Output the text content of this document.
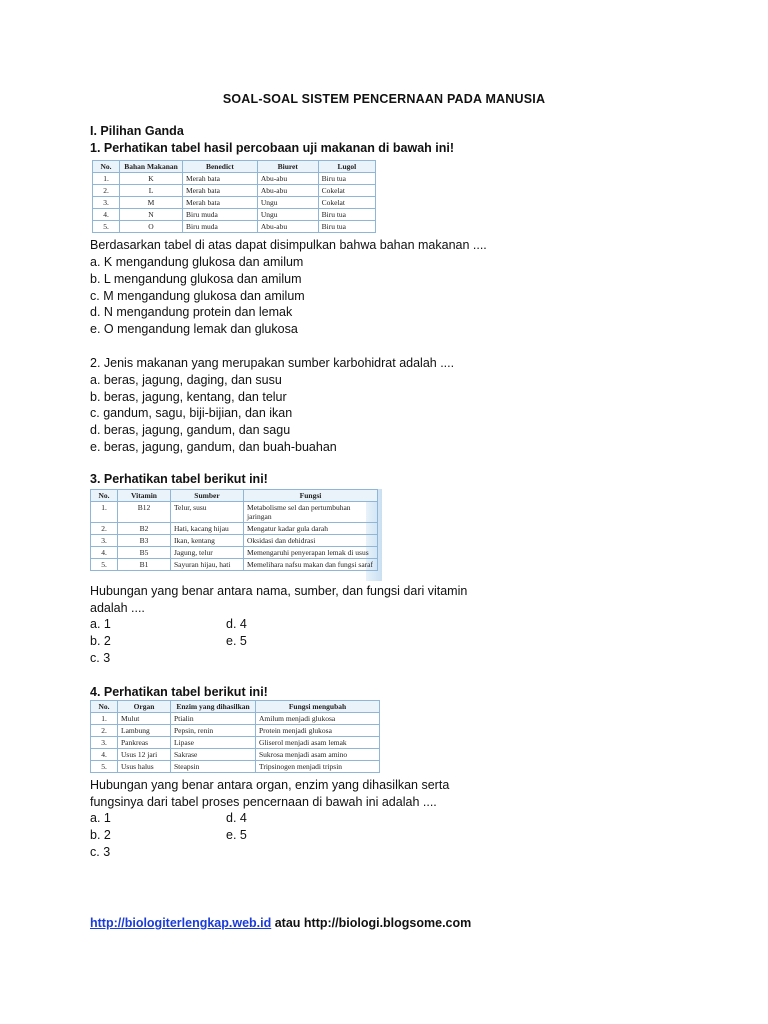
SOAL-SOAL SISTEM PENCERNAAN PADA MANUSIA
I. Pilihan Ganda
1. Perhatikan tabel hasil percobaan uji makanan di bawah ini!
No.	Bahan Makanan	Benedict	Biuret	Lugol
1.	K	Merah bata	Abu-abu	Biru tua
2.	L	Merah bata	Abu-abu	Cokelat
3.	M	Merah bata	Ungu	Cokelat
4.	N	Biru muda	Ungu	Biru tua
5.	O	Biru muda	Abu-abu	Biru tua
Berdasarkan tabel di atas dapat disimpulkan bahwa bahan makanan ....
a. K mengandung glukosa dan amilum
b. L mengandung glukosa dan amilum
c. M mengandung glukosa dan amilum
d. N mengandung protein dan lemak
e. O mengandung lemak dan glukosa
2. Jenis makanan yang merupakan sumber karbohidrat adalah ....
a. beras, jagung, daging, dan susu
b. beras, jagung, kentang, dan telur
c. gandum, sagu, biji-bijian, dan ikan
d. beras, jagung, gandum, dan sagu
e. beras, jagung, gandum, dan buah-buahan
3. Perhatikan tabel berikut ini!
No.	Vitamin	Sumber	Fungsi
1.	B12	Telur, susu	Metabolisme sel dan pertumbuhan jaringan
2.	B2	Hati, kacang hijau	Mengatur kadar gula darah
3.	B3	Ikan, kentang	Oksidasi dan dehidrasi
4.	B5	Jagung, telur	Memengaruhi penyerapan lemak di usus
5.	B1	Sayuran hijau, hati	Memelihara nafsu makan dan fungsi saraf
Hubungan yang benar antara nama, sumber, dan fungsi dari vitamin
adalah ....
a. 1
b. 2
c. 3
d. 4
e. 5
4. Perhatikan tabel berikut ini!
No.	Organ	Enzim yang dihasilkan	Fungsi mengubah
1.	Mulut	Ptialin	Amilum menjadi glukosa
2.	Lambung	Pepsin, renin	Protein menjadi glukosa
3.	Pankreas	Lipase	Gliserol menjadi asam lemak
4.	Usus 12 jari	Sakrase	Sukrosa menjadi asam amino
5.	Usus halus	Steapsin	Tripsinogen menjadi tripsin
Hubungan yang benar antara organ, enzim yang dihasilkan serta
fungsinya dari tabel proses pencernaan di bawah ini adalah ....
a. 1
b. 2
c. 3
d. 4
e. 5
http://biologiterlengkap.web.id atau http://biologi.blogsome.com
